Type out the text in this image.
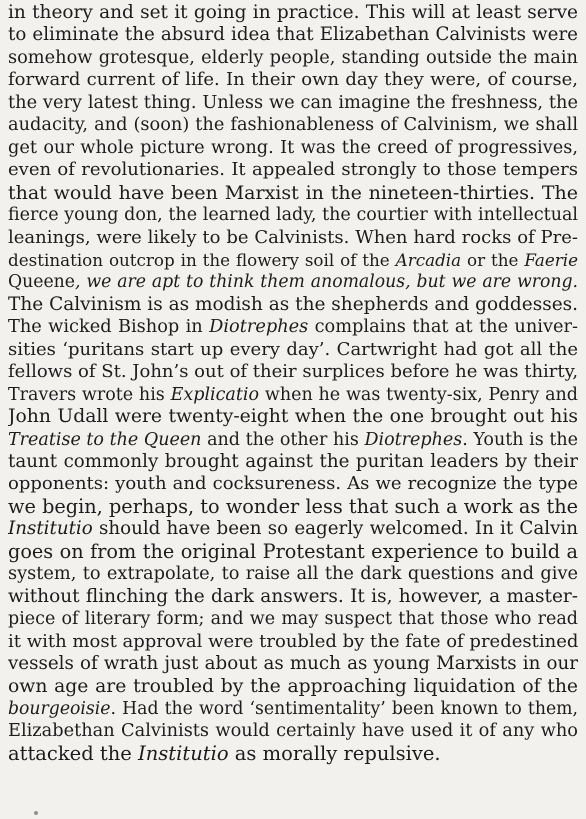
in theory and set it going in practice. This will at least serve
to eliminate the absurd idea that Elizabethan Calvinists were
somehow grotesque, elderly people, standing outside the main
forward current of life. In their own day they were, of course,
the very latest thing. Unless we can imagine the freshness, the
audacity, and (soon) the fashionableness of Calvinism, we shall
get our whole picture wrong. It was the creed of progressives,
even of revolutionaries. It appealed strongly to those tempers
that would have been Marxist in the nineteen-thirties. The
fierce young don, the learned lady, the courtier with intellectual
leanings, were likely to be Calvinists. When hard rocks of Pre-
destination outcrop in the flowery soil of the Arcadia or the Faerie
Queene, we are apt to think them anomalous, but we are wrong.
The Calvinism is as modish as the shepherds and goddesses.
The wicked Bishop in Diotrephes complains that at the univer-
sities ‘puritans start up every day’. Cartwright had got all the
fellows of St. John’s out of their surplices before he was thirty,
Travers wrote his Explicatio when he was twenty-six, Penry and
John Udall were twenty-eight when the one brought out his
Treatise to the Queen and the other his Diotrephes. Youth is the
taunt commonly brought against the puritan leaders by their
opponents: youth and cocksureness. As we recognize the type
we begin, perhaps, to wonder less that such a work as the
Institutio should have been so eagerly welcomed. In it Calvin
goes on from the original Protestant experience to build a
system, to extrapolate, to raise all the dark questions and give
without flinching the dark answers. It is, however, a master-
piece of literary form; and we may suspect that those who read
it with most approval were troubled by the fate of predestined
vessels of wrath just about as much as young Marxists in our
own age are troubled by the approaching liquidation of the
bourgeoisie. Had the word ‘sentimentality’ been known to them,
Elizabethan Calvinists would certainly have used it of any who
attacked the Institutio as morally repulsive.
